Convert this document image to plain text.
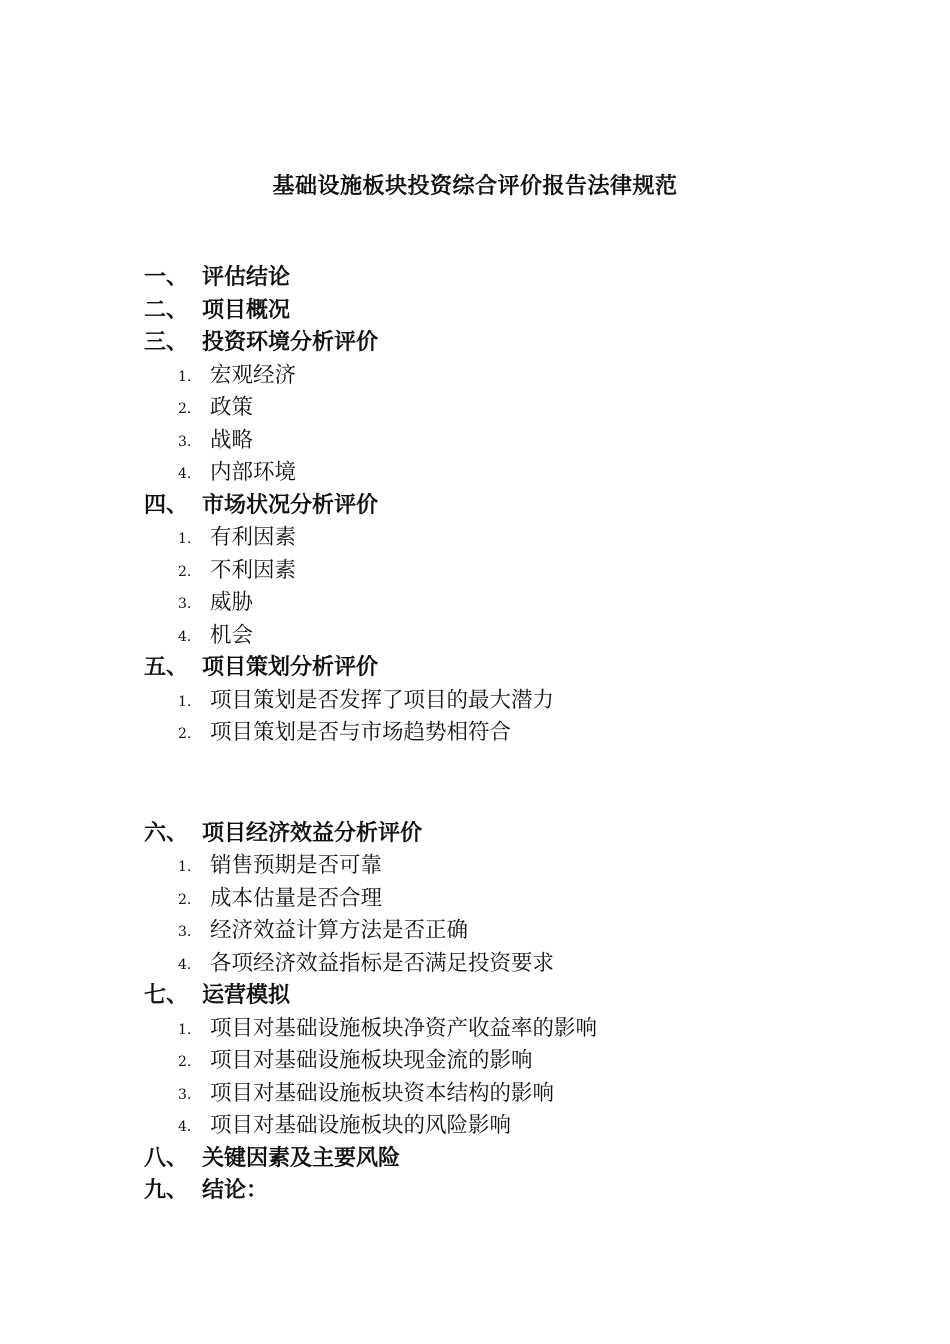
基础设施板块投资综合评价报告法律规范
一、 评估结论
二、 项目概况
三、 投资环境分析评价
1. 宏观经济
2. 政策
3. 战略
4. 内部环境
四、 市场状况分析评价
1. 有利因素
2. 不利因素
3. 威胁
4. 机会
五、 项目策划分析评价
1. 项目策划是否发挥了项目的最大潜力
2. 项目策划是否与市场趋势相符合
六、 项目经济效益分析评价
1. 销售预期是否可靠
2. 成本估量是否合理
3. 经济效益计算方法是否正确
4. 各项经济效益指标是否满足投资要求
七、 运营模拟
1. 项目对基础设施板块净资产收益率的影响
2. 项目对基础设施板块现金流的影响
3. 项目对基础设施板块资本结构的影响
4. 项目对基础设施板块的风险影响
八、 关键因素及主要风险
九、 结论：
